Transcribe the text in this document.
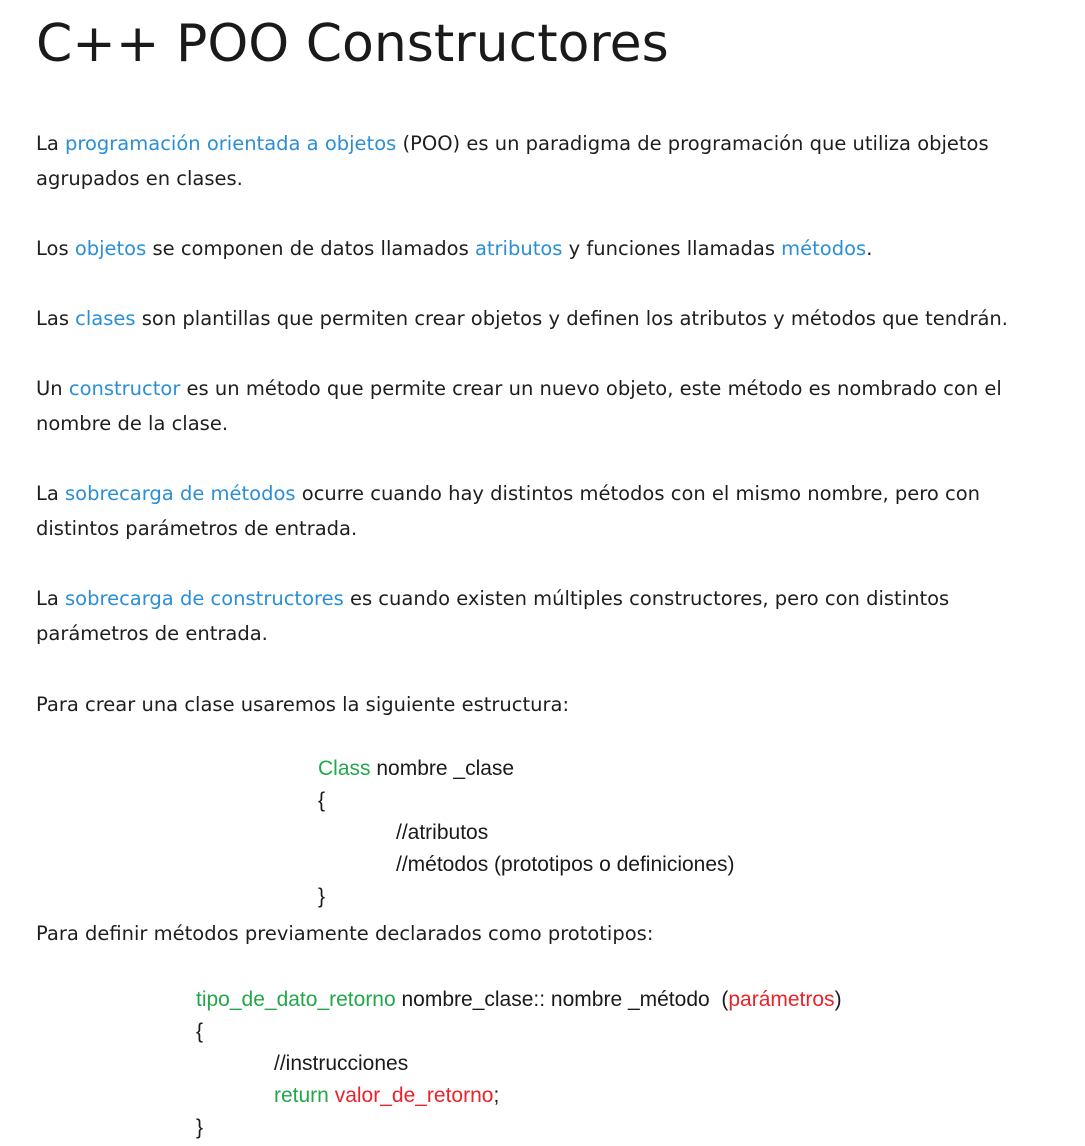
C++ POO Constructores

La programación orientada a objetos (POO) es un paradigma de programación que utiliza objetos agrupados en clases.

Los objetos se componen de datos llamados atributos y funciones llamadas métodos.

Las clases son plantillas que permiten crear objetos y definen los atributos y métodos que tendrán.

Un constructor es un método que permite crear un nuevo objeto, este método es nombrado con el nombre de la clase.

La sobrecarga de métodos ocurre cuando hay distintos métodos con el mismo nombre, pero con distintos parámetros de entrada.

La sobrecarga de constructores es cuando existen múltiples constructores, pero con distintos parámetros de entrada.

Para crear una clase usaremos la siguiente estructura:

Class nombre _clase
{
//atributos
//métodos (prototipos o definiciones)
}

Para definir métodos previamente declarados como prototipos:

tipo_de_dato_retorno nombre_clase:: nombre _método  (parámetros)
{
//instrucciones
return valor_de_retorno;
}
